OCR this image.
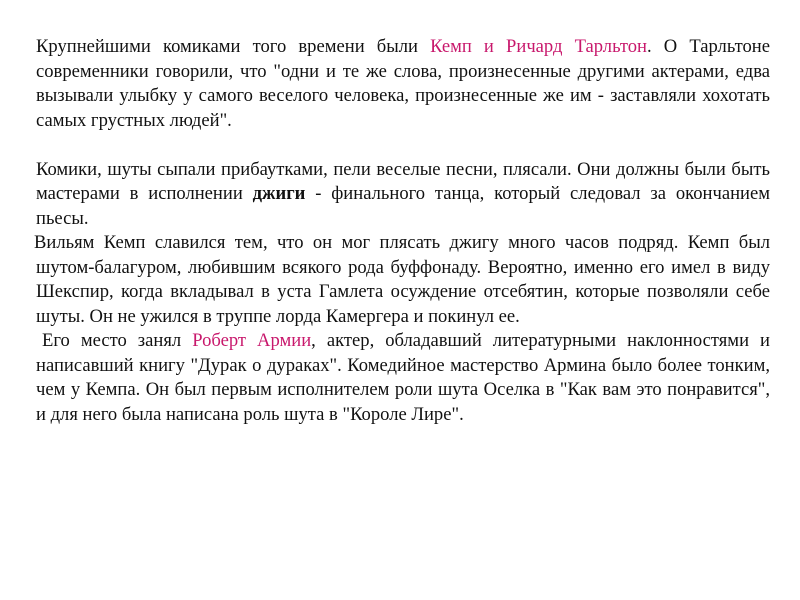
Крупнейшими комиками того времени были Кемп и Ричард Тарльтон. О Тарльтоне современники говорили, что "одни и те же слова, произнесенные другими актерами, едва вызывали улыбку у самого веселого человека, произнесенные же им - заставляли хохотать самых грустных людей".

Комики, шуты сыпали прибаутками, пели веселые песни, плясали. Они должны были быть мастерами в исполнении джиги - финального танца, который следовал за окончанием пьесы.

Вильям Кемп славился тем, что он мог плясать джигу много часов подряд. Кемп был шутом-балагуром, любившим всякого рода буффонаду. Вероятно, именно его имел в виду Шекспир, когда вкладывал в уста Гамлета осуждение отсебятин, которые позволяли себе шуты. Он не ужился в труппе лорда Камергера и покинул ее.

Его место занял Роберт Армии, актер, обладавший литературными наклонностями и написавший книгу "Дурак о дураках". Комедийное мастерство Армина было более тонким, чем у Кемпа. Он был первым исполнителем роли шута Оселка в "Как вам это понравится", и для него была написана роль шута в "Короле Лире".
